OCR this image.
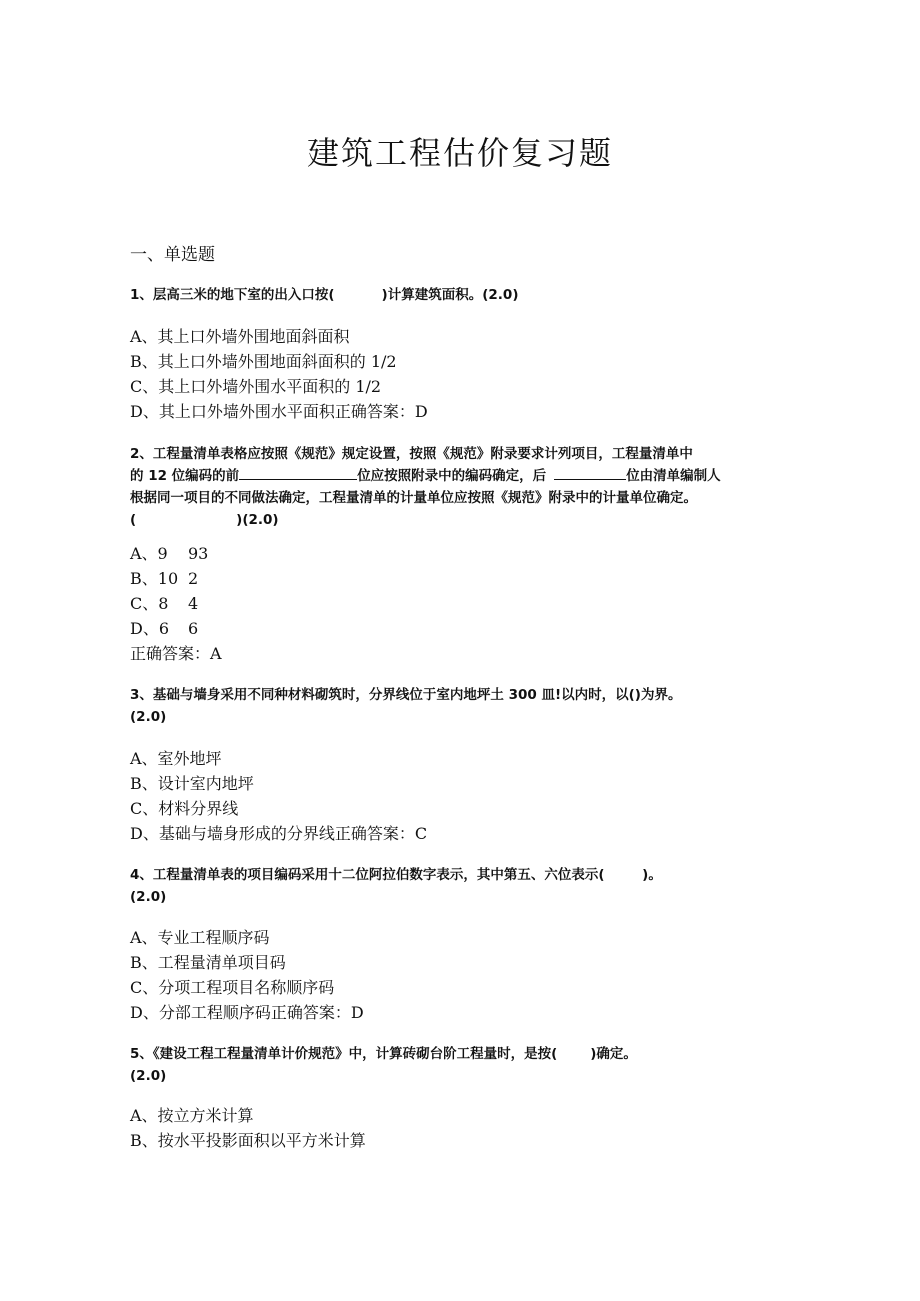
建筑工程估价复习题
一、单选题
1、层高三米的地下室的出入口按(          )计算建筑面积。(2.0)
A、其上口外墙外围地面斜面积
B、其上口外墙外围地面斜面积的 1/2
C、其上口外墙外围水平面积的 1/2
D、其上口外墙外围水平面积正确答案：D
2、工程量清单表格应按照《规范》规定设置，按照《规范》附录要求计列项目，工程量清单中
的 12 位编码的前	位应按照附录中的编码确定，后	位由清单编制人
根据同一项目的不同做法确定，工程量清单的计量单位应按照《规范》附录中的计量单位确定。
(	)(2.0)
A、9 93
B、10 2
C、8 4
D、6 6
正确答案：A
3、基础与墙身采用不同种材料砌筑时，分界线位于室内地坪土 300 皿!以内时，以()为界。
(2.0)
A、室外地坪
B、设计室内地坪
C、材料分界线
D、基础与墙身形成的分界线正确答案：C
4、工程量清单表的项目编码采用十二位阿拉伯数字表示，其中第五、六位表示(        )。
(2.0)
A、专业工程顺序码
B、工程量清单项目码
C、分项工程项目名称顺序码
D、分部工程顺序码正确答案：D
5、《建设工程工程量清单计价规范》中，计算砖砌台阶工程量时，是按(       )确定。
(2.0)
A、按立方米计算
B、按水平投影面积以平方米计算
